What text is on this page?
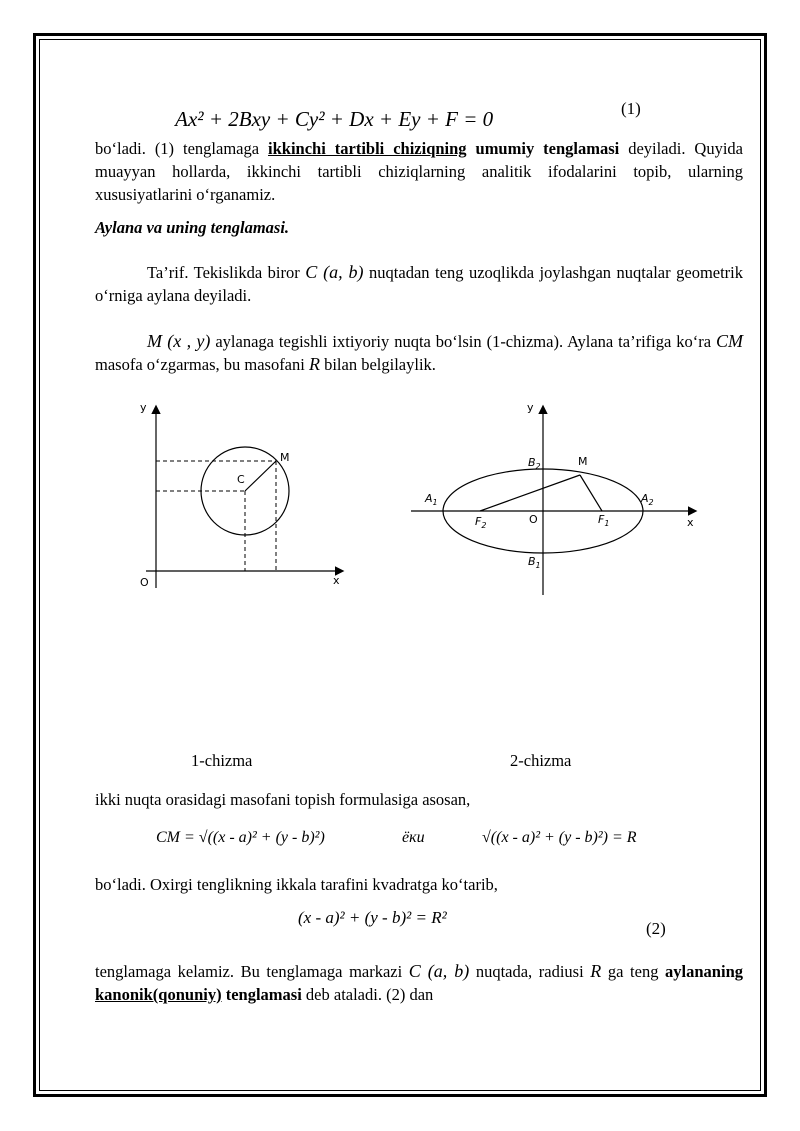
Ax² + 2Bxy + Cy² + Dx + Ey + F = 0	(1)
bo‘ladi. (1) tenglamaga ikkinchi tartibli chiziqning umumiy tenglamasi deyiladi. Quyida muayyan hollarda, ikkinchi tartibli chiziqlarning analitik ifodalarini topib, ularning xususiyatlarini o‘rganamiz.
Aylana va uning tenglamasi.
Ta’rif. Tekislikda biror C (a, b) nuqtadan teng uzoqlikda joylashgan nuqtalar geometrik o‘rniga aylana deyiladi.
M (x , y) aylanaga tegishli ixtiyoriy nuqta bo‘lsin (1-chizma). Aylana ta’rifiga ko‘ra CM masofa o‘zgarmas, bu masofani R bilan belgilaylik.
y
x
O
C
M
y
x
O
M
$B_2$
$B_1$
$A_1$	$A_2$
$F_2$	$F_1$
1-chizma	2-chizma
ikki nuqta orasidagi masofani topish formulasiga asosan,
CM = √((x - a)² + (y - b)²)	ёки	√((x - a)² + (y - b)²) = R
bo‘ladi. Oxirgi tenglikning ikkala tarafini kvadratga ko‘tarib,
(x - a)² + (y - b)² = R²
(2)
tenglamaga kelamiz. Bu tenglamaga markazi C (a, b) nuqtada, radiusi R ga teng aylananing kanonik(qonuniy) tenglamasi deb ataladi. (2) dan
